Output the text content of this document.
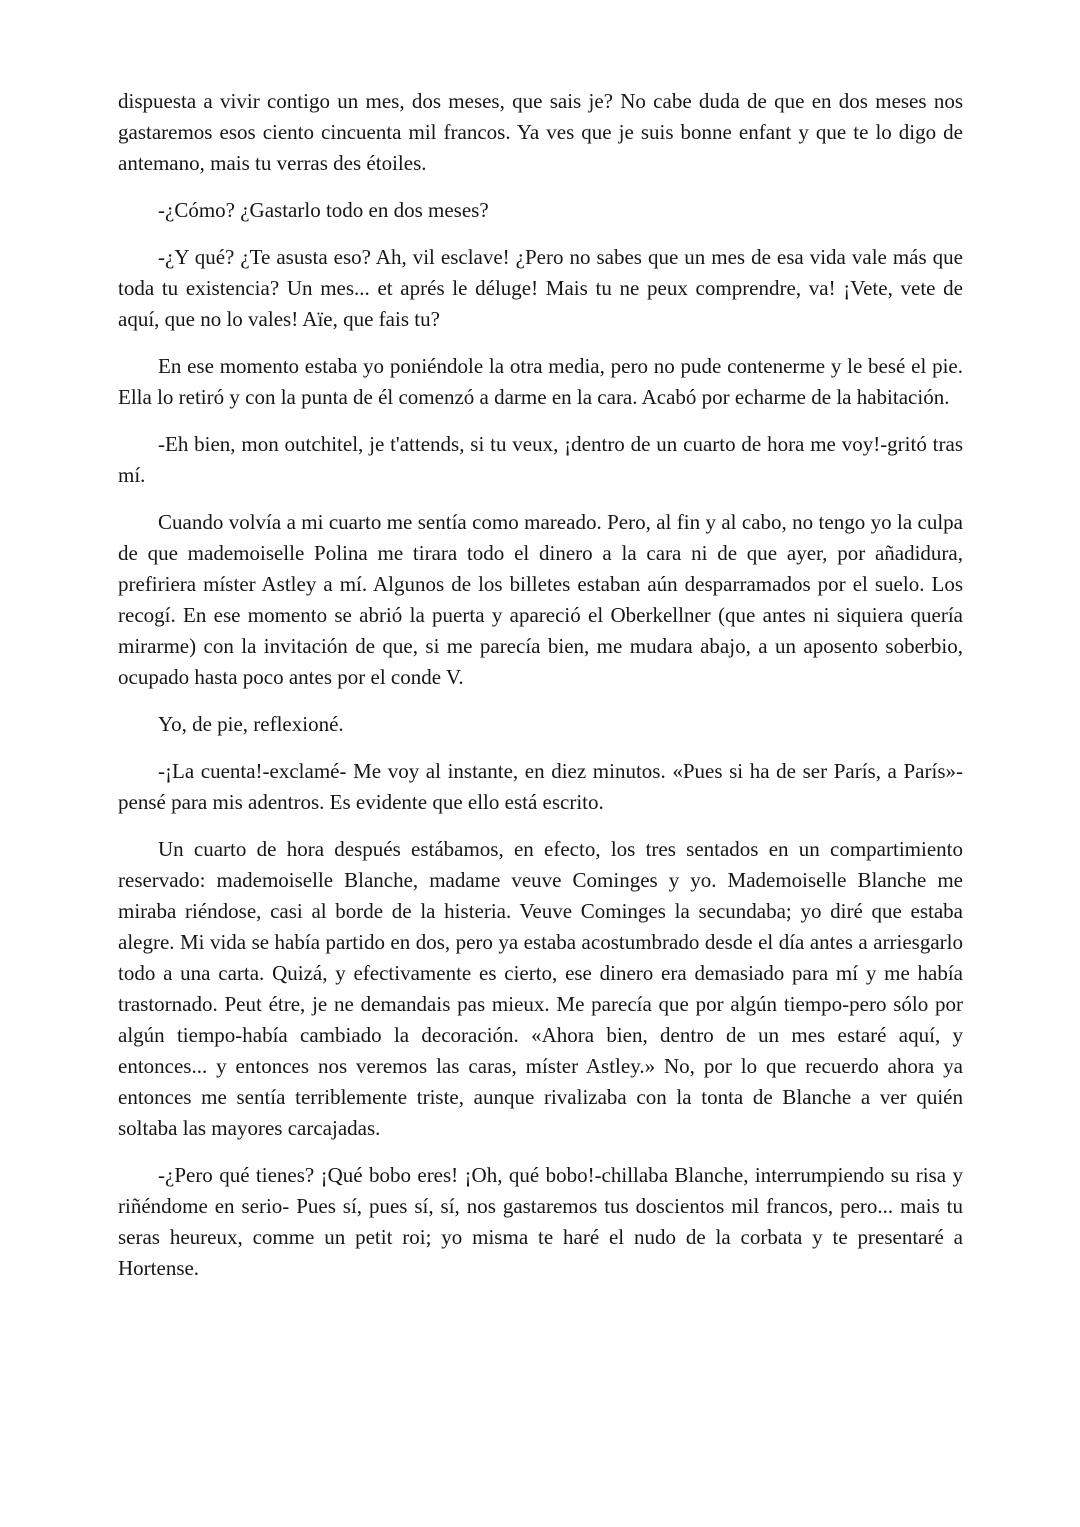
dispuesta a vivir contigo un mes, dos meses, que sais je? No cabe duda de que en dos meses nos gastaremos esos ciento cincuenta mil francos. Ya ves que je suis bonne enfant y que te lo digo de antemano, mais tu verras des étoiles.

-¿Cómo? ¿Gastarlo todo en dos meses?

-¿Y qué? ¿Te asusta eso? Ah, vil esclave! ¿Pero no sabes que un mes de esa vida vale más que toda tu existencia? Un mes... et aprés le déluge! Mais tu ne peux comprendre, va! ¡Vete, vete de aquí, que no lo vales! Aïe, que fais tu?

En ese momento estaba yo poniéndole la otra media, pero no pude contenerme y le besé el pie. Ella lo retiró y con la punta de él comenzó a darme en la cara. Acabó por echarme de la habitación.

-Eh bien, mon outchitel, je t'attends, si tu veux, ¡dentro de un cuarto de hora me voy!-gritó tras mí.

Cuando volvía a mi cuarto me sentía como mareado. Pero, al fin y al cabo, no tengo yo la culpa de que mademoiselle Polina me tirara todo el dinero a la cara ni de que ayer, por añadidura, prefiriera míster Astley a mí. Algunos de los billetes estaban aún desparramados por el suelo. Los recogí. En ese momento se abrió la puerta y apareció el Oberkellner (que antes ni siquiera quería mirarme) con la invitación de que, si me parecía bien, me mudara abajo, a un aposento soberbio, ocupado hasta poco antes por el conde V.

Yo, de pie, reflexioné.

-¡La cuenta!-exclamé- Me voy al instante, en diez minutos. «Pues si ha de ser París, a París»-pensé para mis adentros. Es evidente que ello está escrito.

Un cuarto de hora después estábamos, en efecto, los tres sentados en un compartimiento reservado: mademoiselle Blanche, madame veuve Cominges y yo. Mademoiselle Blanche me miraba riéndose, casi al borde de la histeria. Veuve Cominges la secundaba; yo diré que estaba alegre. Mi vida se había partido en dos, pero ya estaba acostumbrado desde el día antes a arriesgarlo todo a una carta. Quizá, y efectivamente es cierto, ese dinero era demasiado para mí y me había trastornado. Peut étre, je ne demandais pas mieux. Me parecía que por algún tiempo-pero sólo por algún tiempo-había cambiado la decoración. «Ahora bien, dentro de un mes estaré aquí, y entonces... y entonces nos veremos las caras, míster Astley.» No, por lo que recuerdo ahora ya entonces me sentía terriblemente triste, aunque rivalizaba con la tonta de Blanche a ver quién soltaba las mayores carcajadas.

-¿Pero qué tienes? ¡Qué bobo eres! ¡Oh, qué bobo!-chillaba Blanche, interrumpiendo su risa y riñéndome en serio- Pues sí, pues sí, sí, nos gastaremos tus doscientos mil francos, pero... mais tu seras heureux, comme un petit roi; yo misma te haré el nudo de la corbata y te presentaré a Hortense.
